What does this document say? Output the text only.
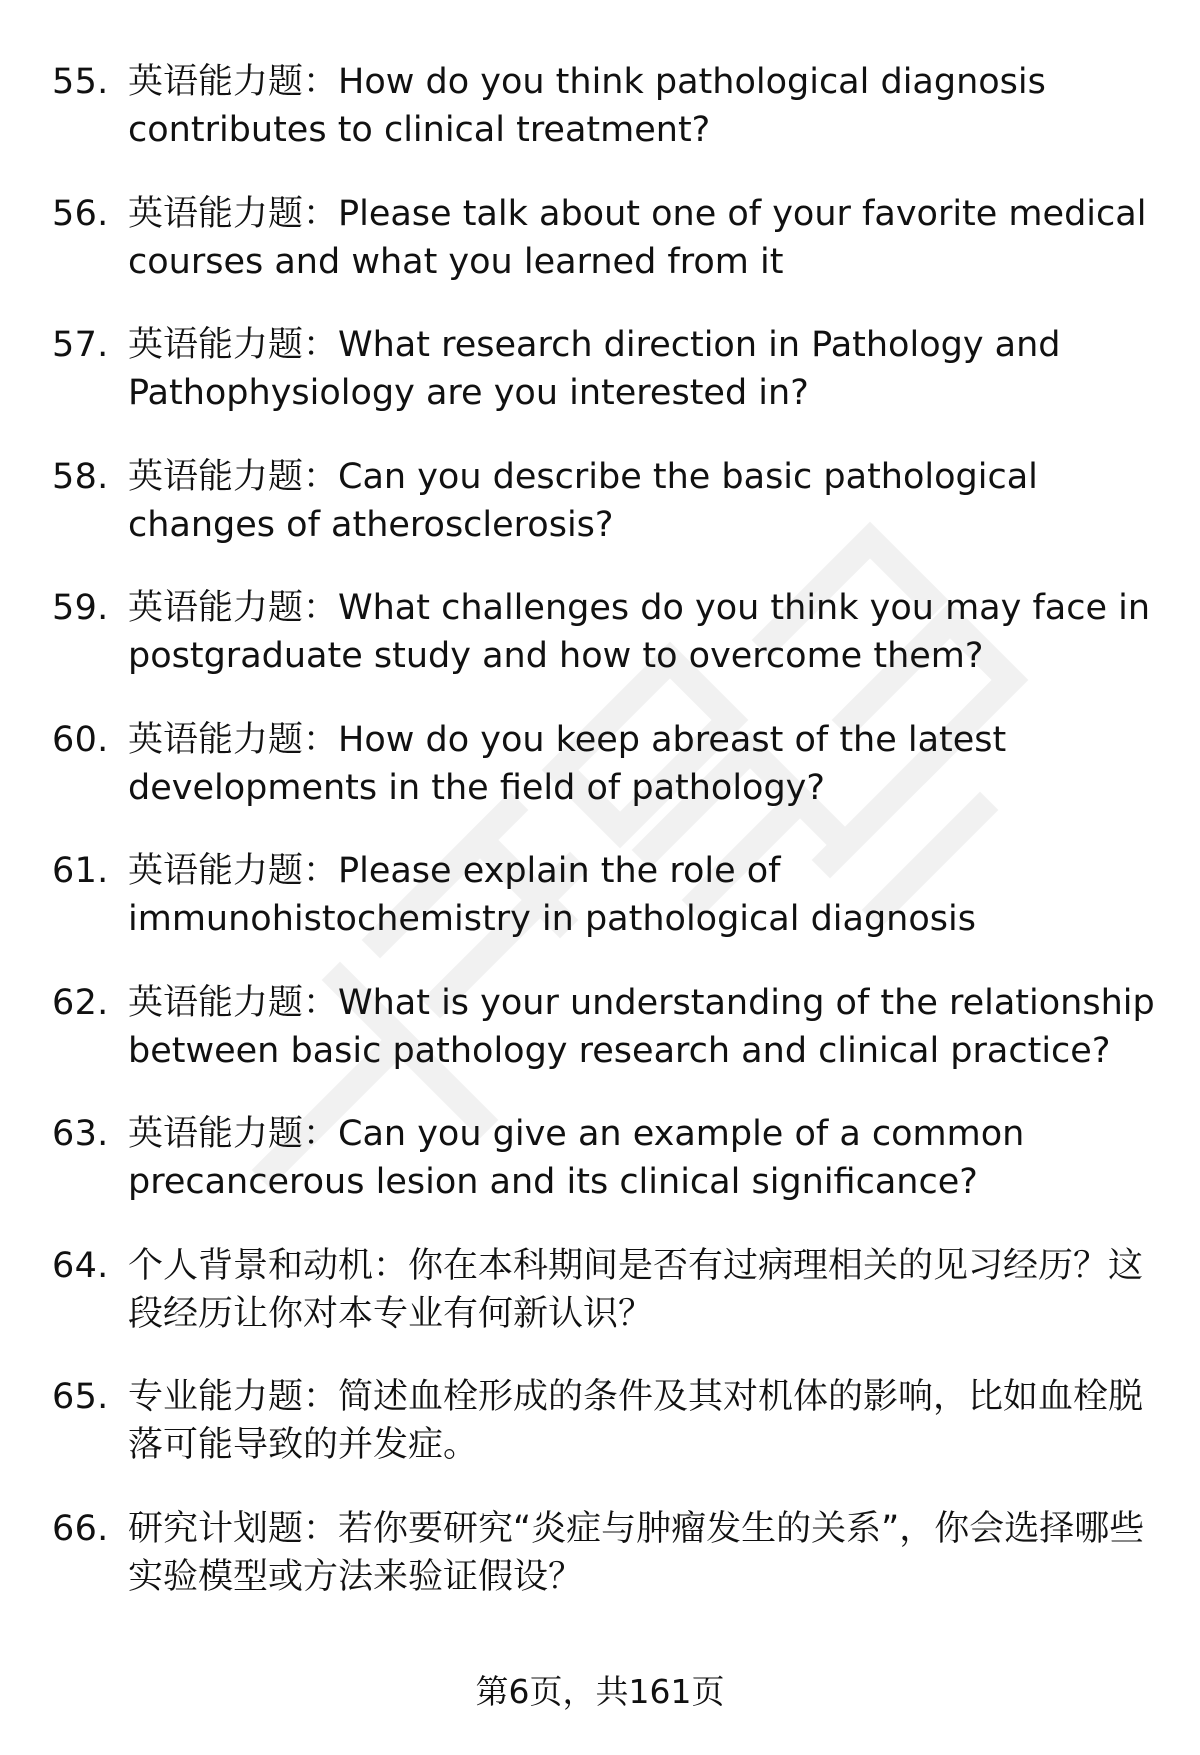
55. 英语能力题：How do you think pathological diagnosis contributes to clinical treatment?
56. 英语能力题：Please talk about one of your favorite medical courses and what you learned from it
57. 英语能力题：What research direction in Pathology and Pathophysiology are you interested in?
58. 英语能力题：Can you describe the basic pathological changes of atherosclerosis?
59. 英语能力题：What challenges do you think you may face in postgraduate study and how to overcome them?
60. 英语能力题：How do you keep abreast of the latest developments in the field of pathology?
61. 英语能力题：Please explain the role of immunohistochemistry in pathological diagnosis
62. 英语能力题：What is your understanding of the relationship between basic pathology research and clinical practice?
63. 英语能力题：Can you give an example of a common precancerous lesion and its clinical significance?
64. 个人背景和动机：你在本科期间是否有过病理相关的见习经历？这段经历让你对本专业有何新认识？
65. 专业能力题：简述血栓形成的条件及其对机体的影响，比如血栓脱落可能导致的并发症。
66. 研究计划题：若你要研究“炎症与肿瘤发生的关系”，你会选择哪些实验模型或方法来验证假设？
第6页，共161页
